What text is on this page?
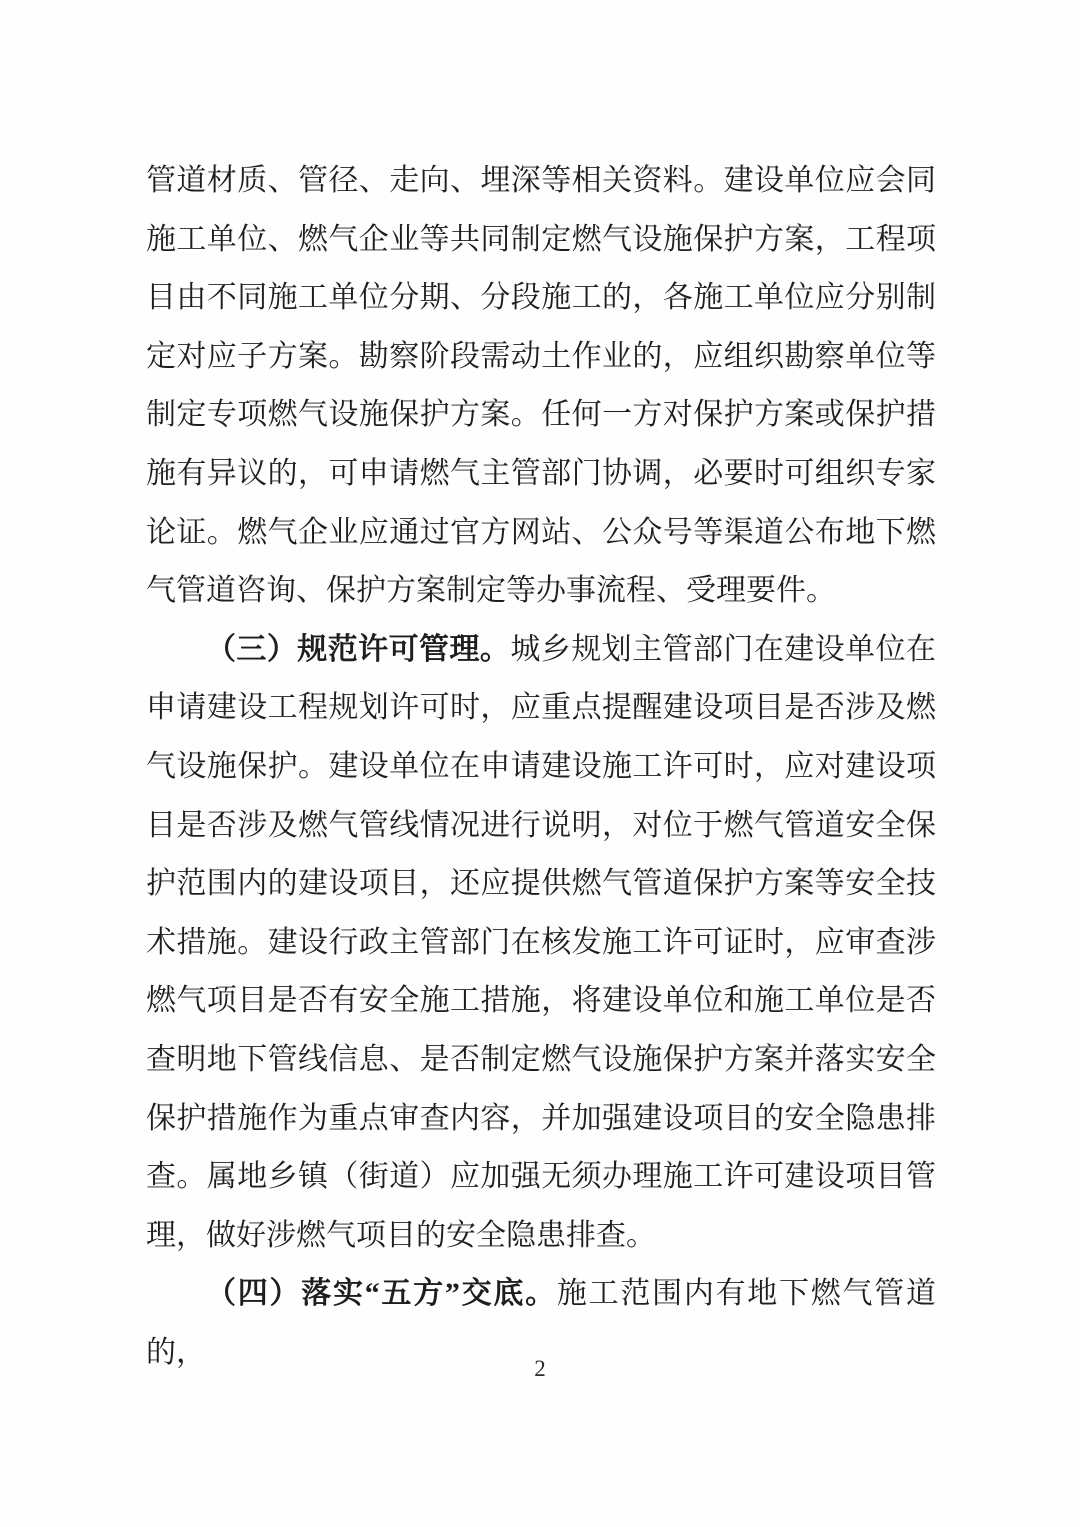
管道材质、管径、走向、埋深等相关资料。建设单位应会同施工单位、燃气企业等共同制定燃气设施保护方案，工程项目由不同施工单位分期、分段施工的，各施工单位应分别制定对应子方案。勘察阶段需动土作业的，应组织勘察单位等制定专项燃气设施保护方案。任何一方对保护方案或保护措施有异议的，可申请燃气主管部门协调，必要时可组织专家论证。燃气企业应通过官方网站、公众号等渠道公布地下燃气管道咨询、保护方案制定等办事流程、受理要件。

（三）规范许可管理。城乡规划主管部门在建设单位在申请建设工程规划许可时，应重点提醒建设项目是否涉及燃气设施保护。建设单位在申请建设施工许可时，应对建设项目是否涉及燃气管线情况进行说明，对位于燃气管道安全保护范围内的建设项目，还应提供燃气管道保护方案等安全技术措施。建设行政主管部门在核发施工许可证时，应审查涉燃气项目是否有安全施工措施，将建设单位和施工单位是否查明地下管线信息、是否制定燃气设施保护方案并落实安全保护措施作为重点审查内容，并加强建设项目的安全隐患排查。属地乡镇（街道）应加强无须办理施工许可建设项目管理，做好涉燃气项目的安全隐患排查。

（四）落实“五方”交底。施工范围内有地下燃气管道的，	2
